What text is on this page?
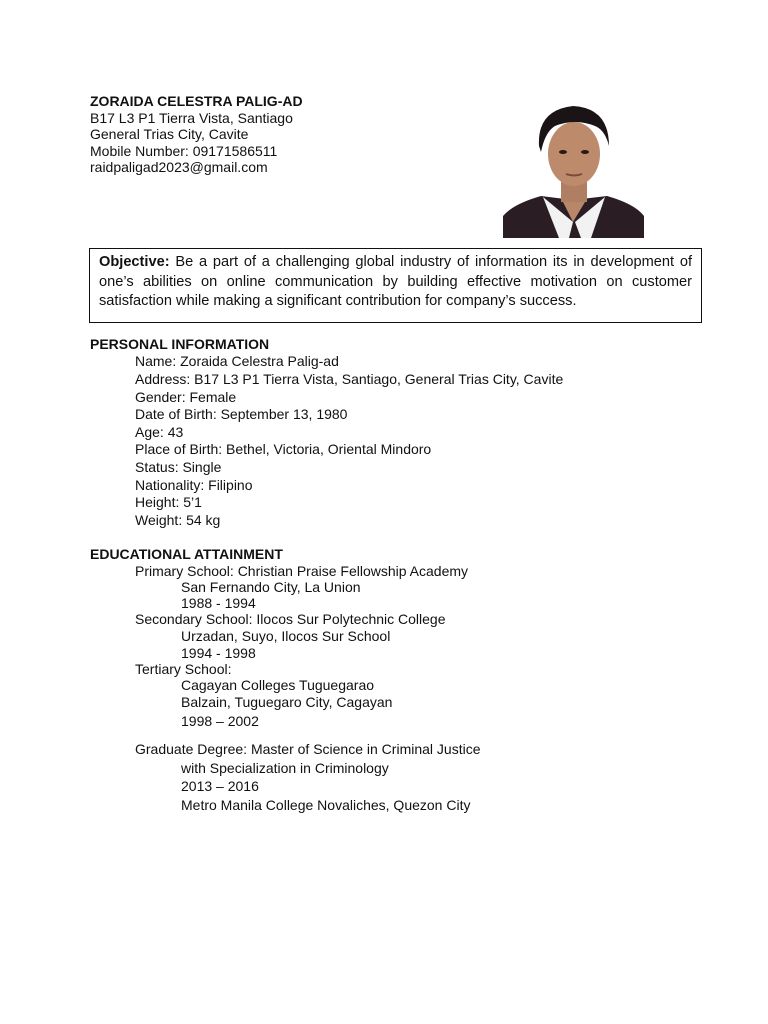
ZORAIDA CELESTRA PALIG-AD
B17 L3 P1 Tierra Vista, Santiago
General Trias City, Cavite
Mobile Number: 09171586511
raidpaligad2023@gmail.com
Objective: Be a part of a challenging global industry of information its in development of one’s abilities on online communication by building effective motivation on customer satisfaction while making a significant contribution for company’s success.
PERSONAL INFORMATION
Name: Zoraida Celestra Palig-ad
Address: B17 L3 P1 Tierra Vista, Santiago, General Trias City, Cavite
Gender: Female
Date of Birth: September 13, 1980
Age: 43
Place of Birth: Bethel, Victoria, Oriental Mindoro
Status: Single
Nationality: Filipino
Height: 5’1
Weight: 54 kg
EDUCATIONAL ATTAINMENT
Primary School: Christian Praise Fellowship Academy
San Fernando City, La Union
1988 - 1994
Secondary School: Ilocos Sur Polytechnic College
Urzadan, Suyo, Ilocos Sur School
1994 - 1998
Tertiary School:
Cagayan Colleges Tuguegarao
Balzain, Tuguegaro City, Cagayan
1998 – 2002
Graduate Degree: Master of Science in Criminal Justice
with Specialization in Criminology
2013 – 2016
Metro Manila College Novaliches, Quezon City
